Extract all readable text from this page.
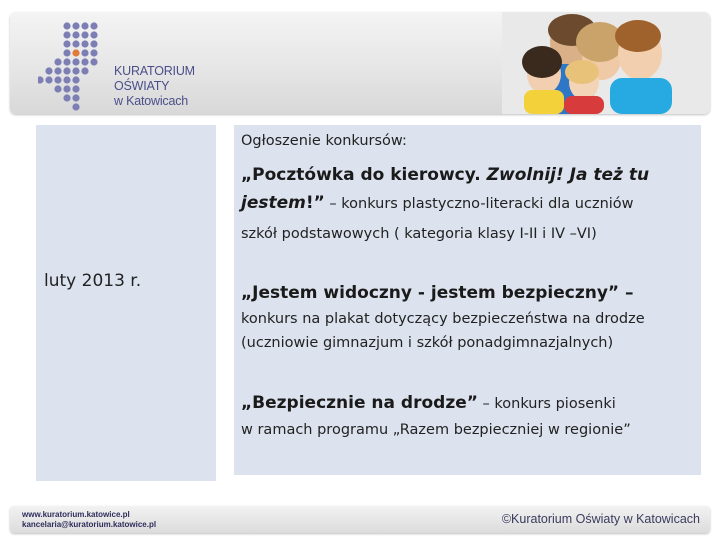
KURATORIUM
OŚWIATY
w Katowicach
luty 2013 r.

Ogłoszenie konkursów:

„Pocztówka do kierowcy. Zwolnij! Ja też tu jestem!” – konkurs plastyczno-literacki dla uczniów

szkół podstawowych ( kategoria klasy I-II i IV –VI)

„Jestem widoczny - jestem bezpieczny” –

konkurs na plakat dotyczący bezpieczeństwa na drodze (uczniowie gimnazjum i szkół ponadgimnazjalnych)

„Bezpiecznie na drodze” – konkurs piosenki

w ramach programu „Razem bezpieczniej w regionie”

www.kuratorium.katowice.pl
kancelaria@kuratorium.katowice.pl	©Kuratorium Oświaty w Katowicach
